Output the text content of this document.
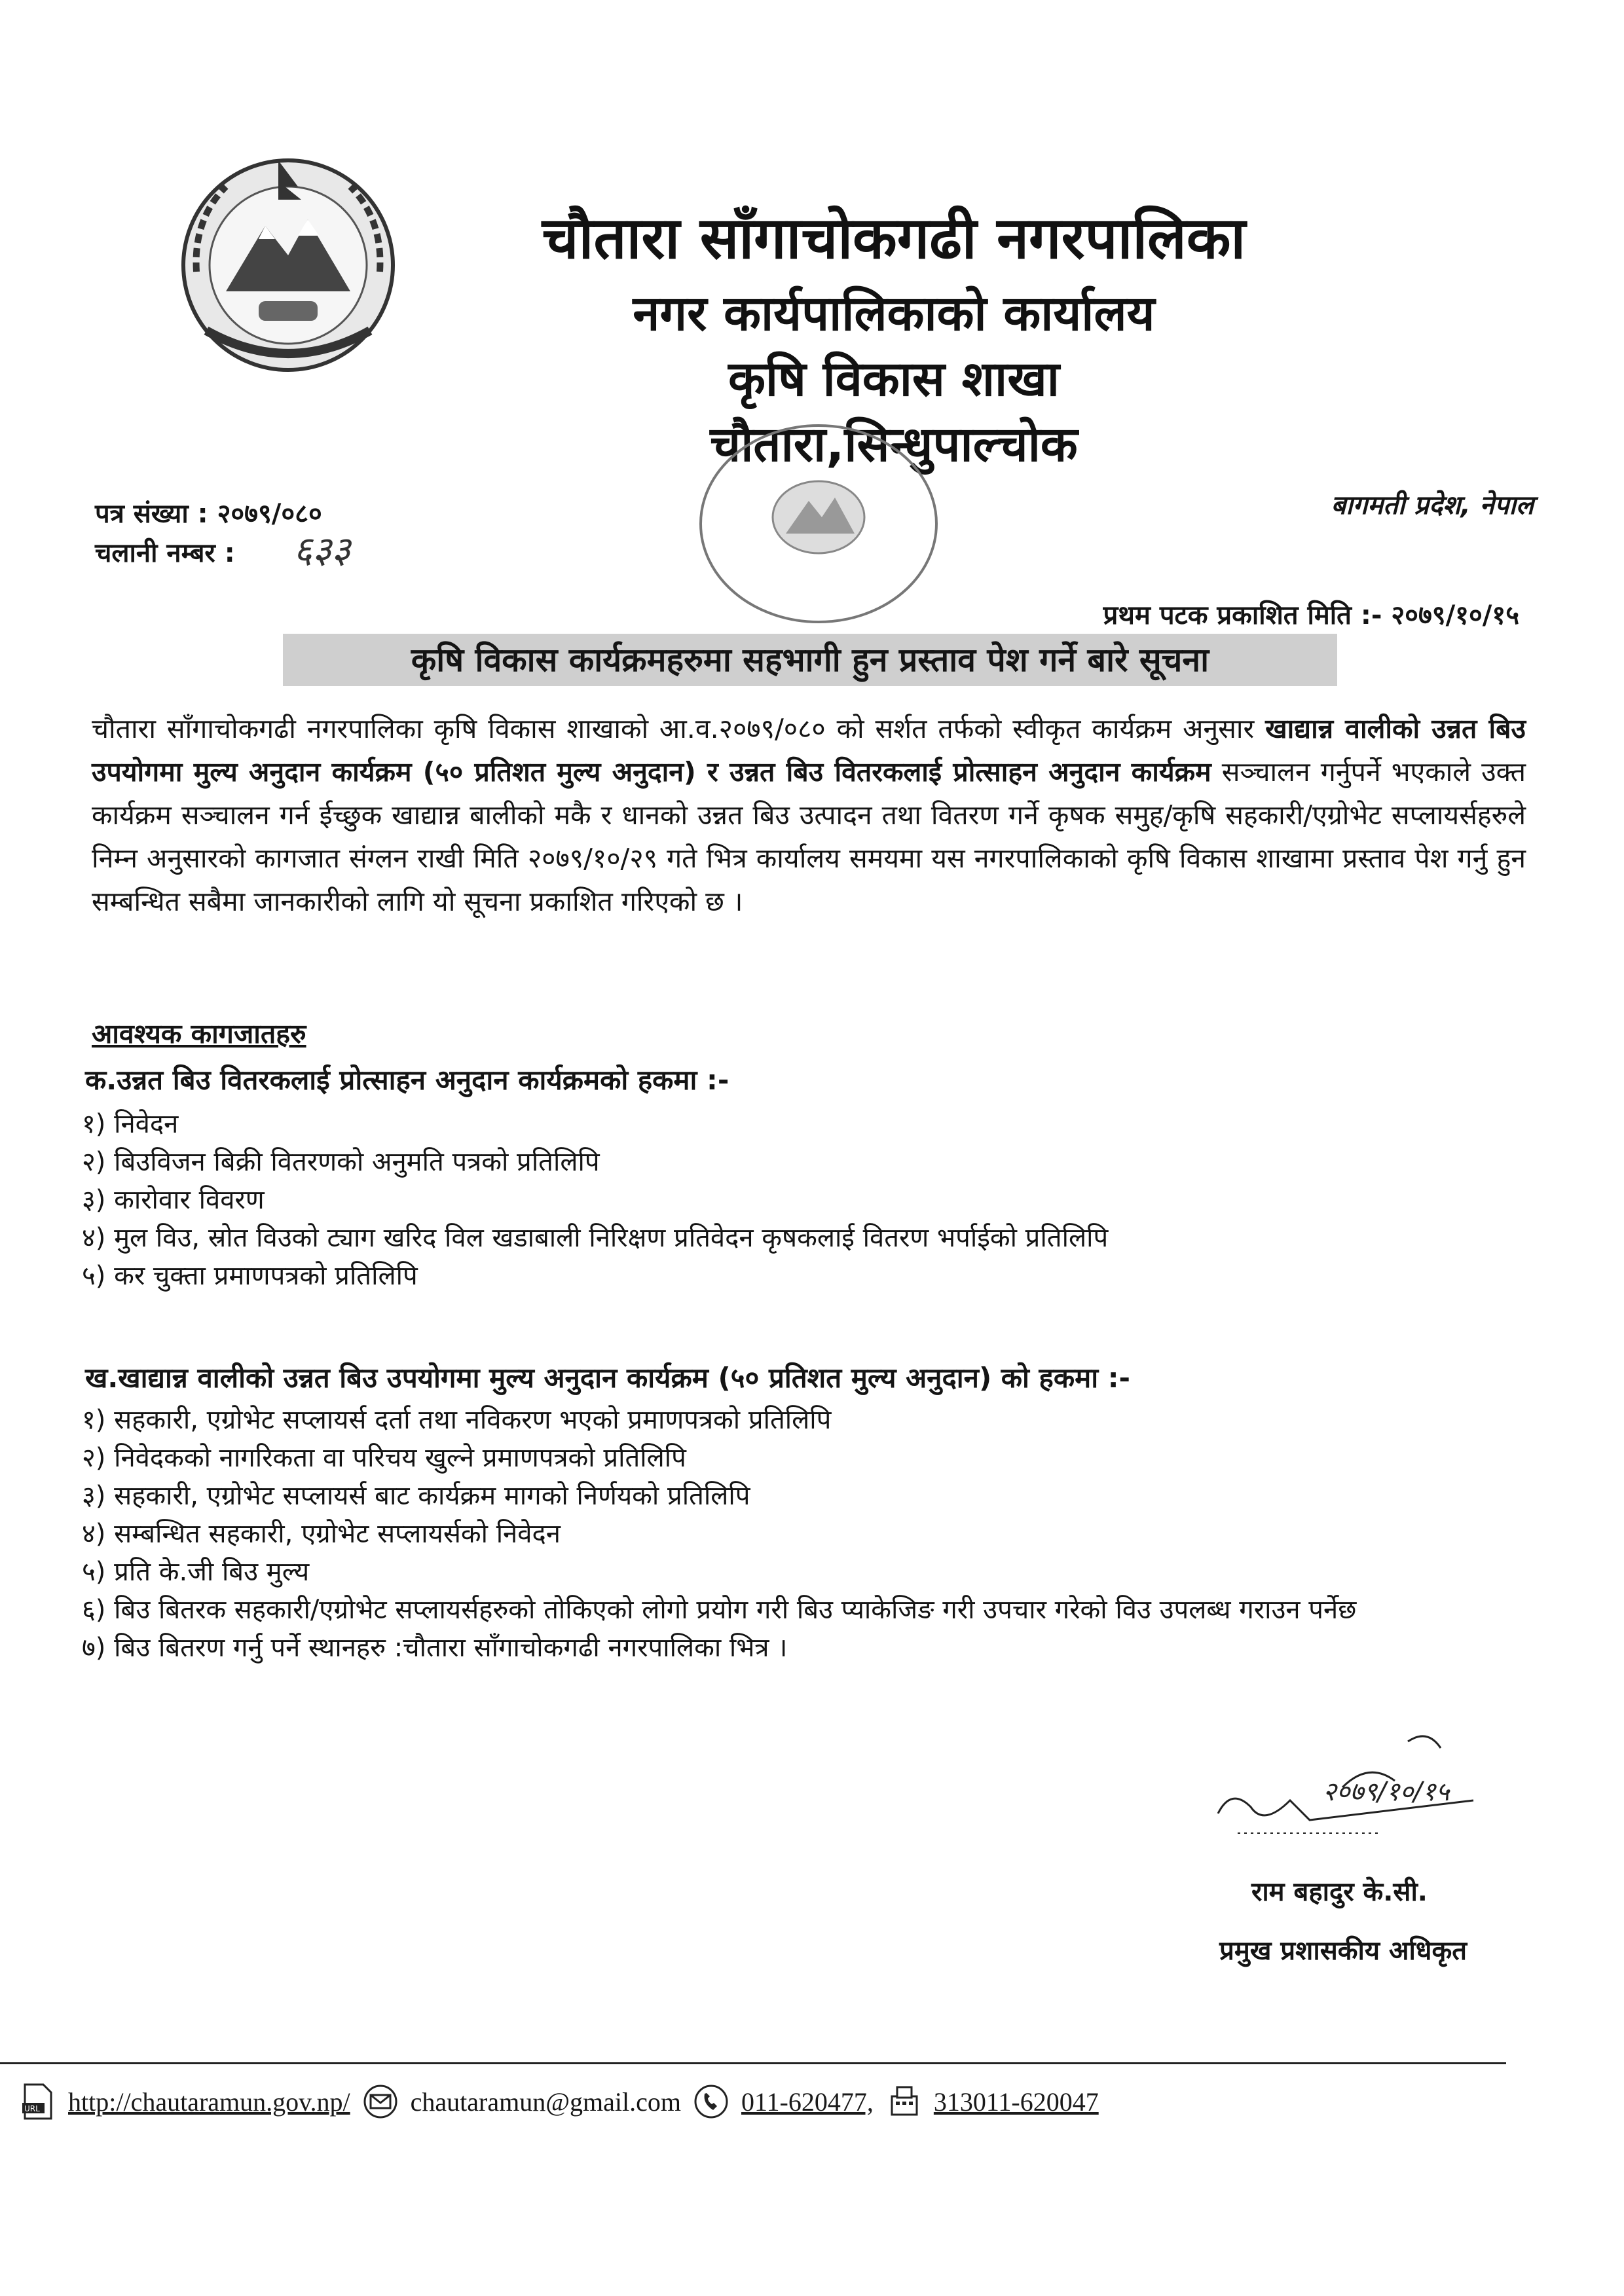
चौतारा साँगाचोकगढी नगरपालिका
नगर कार्यपालिकाको कार्यालय
कृषि विकास शाखा
चौतारा,सिन्धुपाल्चोक
पत्र संख्या : २०७९/०८०
चलानी नम्बर : ६३३
बागमती प्रदेश, नेपाल
प्रथम पटक प्रकाशित मिति :- २०७९/१०/१५
कृषि विकास कार्यक्रमहरुमा सहभागी हुन प्रस्ताव पेश गर्ने बारे सूचना
चौतारा साँगाचोकगढी नगरपालिका कृषि विकास शाखाको आ.व.२०७९/०८० को सर्शत तर्फको स्वीकृत कार्यक्रम अनुसार खाद्यान्न वालीको उन्नत बिउ उपयोगमा मुल्य अनुदान कार्यक्रम (५० प्रतिशत मुल्य अनुदान) र उन्नत बिउ वितरकलाई प्रोत्साहन अनुदान कार्यक्रम सञ्चालन गर्नुपर्ने भएकाले उक्त कार्यक्रम सञ्चालन गर्न ईच्छुक खाद्यान्न बालीको मकै र धानको उन्नत बिउ उत्पादन तथा वितरण गर्ने कृषक समुह/कृषि सहकारी/एग्रोभेट सप्लायर्सहरुले निम्न अनुसारको कागजात संग्लन राखी मिति २०७९/१०/२९ गते भित्र कार्यालय समयमा यस नगरपालिकाको कृषि विकास शाखामा प्रस्ताव पेश गर्नु हुन सम्बन्धित सबैमा जानकारीको लागि यो सूचना प्रकाशित गरिएको छ ।
आवश्यक कागजातहरु
क.उन्नत बिउ वितरकलाई प्रोत्साहन अनुदान कार्यक्रमको हकमा :-
१) निवेदन
२) बिउविजन बिक्री वितरणको अनुमति पत्रको प्रतिलिपि
३) कारोवार विवरण
४) मुल विउ, स्रोत विउको ट्याग खरिद विल खडाबाली निरिक्षण प्रतिवेदन कृषकलाई वितरण भर्पाईको प्रतिलिपि
५) कर चुक्ता प्रमाणपत्रको प्रतिलिपि
ख.खाद्यान्न वालीको उन्नत बिउ उपयोगमा मुल्य अनुदान कार्यक्रम (५० प्रतिशत मुल्य अनुदान) को हकमा :-
१) सहकारी, एग्रोभेट सप्लायर्स दर्ता तथा नविकरण भएको प्रमाणपत्रको प्रतिलिपि
२) निवेदकको नागरिकता वा परिचय खुल्ने प्रमाणपत्रको प्रतिलिपि
३) सहकारी, एग्रोभेट सप्लायर्स बाट कार्यक्रम मागको निर्णयको प्रतिलिपि
४) सम्बन्धित सहकारी, एग्रोभेट सप्लायर्सको निवेदन
५) प्रति के.जी बिउ मुल्य
६) बिउ बितरक सहकारी/एग्रोभेट सप्लायर्सहरुको तोकिएको लोगो प्रयोग गरी बिउ प्याकेजिङ गरी उपचार गरेको विउ उपलब्ध गराउन पर्नेछ
७) बिउ बितरण गर्नु पर्ने स्थानहरु :चौतारा साँगाचोकगढी नगरपालिका भित्र ।
२०७९/१०/१५
राम बहादुर के.सी.
प्रमुख प्रशासकीय अधिकृत
URL http://chautaramun.gov.np/ chautaramun@gmail.com 011-620477, 313011-620047
